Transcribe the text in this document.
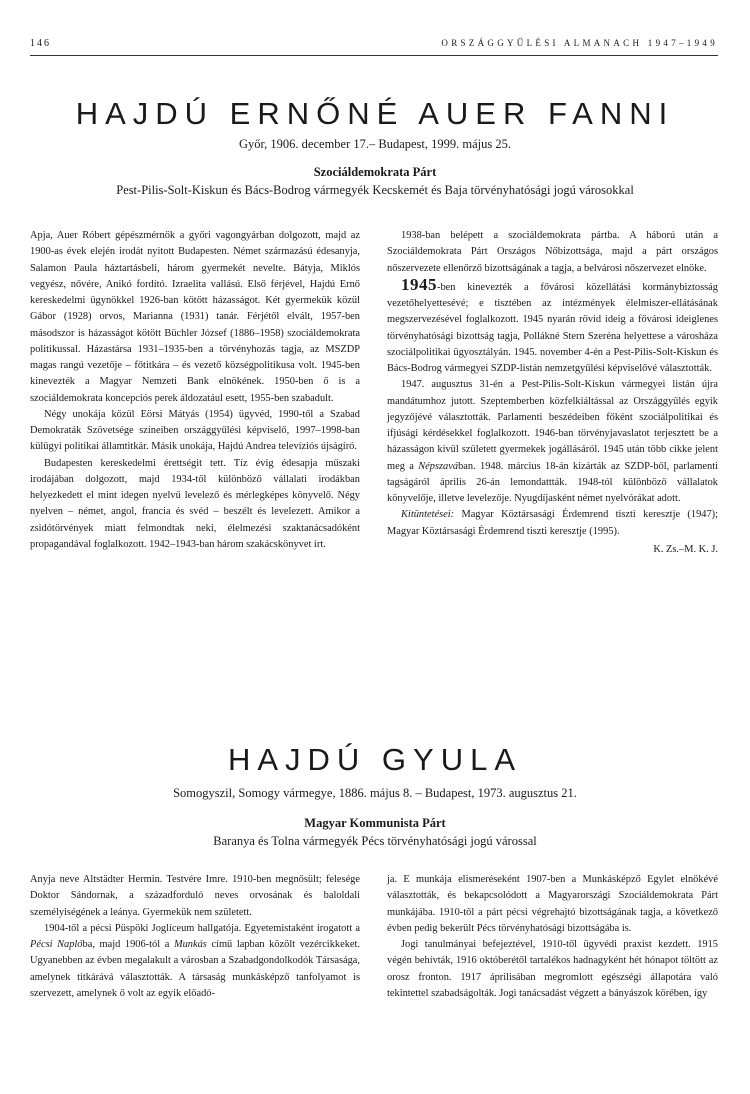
146	ORSZÁGGYŰLÉSI ALMANACH 1947–1949
HAJDÚ ERNŐNÉ AUER FANNI
Győr, 1906. december 17.– Budapest, 1999. május 25.
Szociáldemokrata Párt
Pest-Pilis-Solt-Kiskun és Bács-Bodrog vármegyék Kecskemét és Baja törvényhatósági jogú városokkal

Apja, Auer Róbert gépészmérnök a győri vagongyárban dolgozott, majd az 1900-as évek elején irodát nyitott Budapesten. Német származású édesanyja, Salamon Paula háztartásbeli, három gyermekét nevelte. Bátyja, Miklós vegyész, nővére, Anikó fordító. Izraelita vallású. Első férjével, Hajdú Ernő kereskedelmi ügynökkel 1926-ban kötött házasságot. Két gyermekük közül Gábor (1928) orvos, Marianna (1931) tanár. Férjétől elvált, 1957-ben másodszor is házasságot kötött Büchler József (1886–1958) szociáldemokrata politikussal. Házastársa 1931–1935-ben a törvényhozás tagja, az MSZDP magas rangú vezetője – főtitkára – és vezető községpolitikusa volt. 1945-ben kinevezték a Magyar Nemzeti Bank elnökének. 1950-ben ő is a szociáldemokrata koncepciós perek áldozatául esett, 1955-ben szabadult.

Négy unokája közül Eörsi Mátyás (1954) ügyvéd, 1990-től a Szabad Demokraták Szövetsége színeiben országgyűlési képviselő, 1997–1998-ban külügyi politikai államtitkár. Másik unokája, Hajdú Andrea televíziós újságíró.

Budapesten kereskedelmi érettségit tett. Tíz évig édesapja műszaki irodájában dolgozott, majd 1934-től különböző vállalati irodákban helyezkedett el mint idegen nyelvű levelező és mérlegképes könyvelő. Négy nyelven – német, angol, francia és svéd – beszélt és levelezett. Amikor a zsidótörvények miatt felmondtak neki, élelmezési szaktanácsadóként propagandával foglalkozott. 1942–1943-ban három szakácskönyvet írt.

1938-ban belépett a szociáldemokrata pártba. A háború után a Szociáldemokrata Párt Országos Nőbizottsága, majd a párt országos nőszervezete ellenőrző bizottságának a tagja, a belvárosi nőszervezet elnöke.

1945-ben kinevezték a fővárosi közellátási kormánybiztosság vezetőhelyettesévé; e tisztében az intézmények élelmiszer-ellátásának megszervezésével foglalkozott. 1945 nyarán rövid ideig a fővárosi ideiglenes törvényhatósági bizottság tagja, Pollákné Stern Szeréna helyettese a városháza szociálpolitikai ügyosztályán. 1945. november 4-én a Pest-Pilis-Solt-Kiskun és Bács-Bodrog vármegyei SZDP-listán nemzetgyűlési képviselővé választották.

1947. augusztus 31-én a Pest-Pilis-Solt-Kiskun vármegyei listán újra mandátumhoz jutott. Szeptemberben közfelkiáltással az Országgyűlés egyik jegyzőjévé választották. Parlamenti beszédeiben főként szociálpolitikai és ifjúsági kérdésekkel foglalkozott. 1946-ban törvényjavaslatot terjesztett be a házasságon kívül született gyermekek jogállásáról. 1945 után több cikke jelent meg a Népszavában. 1948. március 18-án kizárták az SZDP-ből, parlamenti tagságáról április 26-án lemondattták. 1948-tól különböző vállalatok könyvelője, illetve levelezője. Nyugdíjasként német nyelvórákat adott.

Kitüntetései: Magyar Köztársasági Érdemrend tiszti keresztje (1947); Magyar Köztársasági Érdemrend tiszti keresztje (1995).

K. Zs.–M. K. J.

HAJDÚ GYULA
Somogyszil, Somogy vármegye, 1886. május 8. – Budapest, 1973. augusztus 21.
Magyar Kommunista Párt
Baranya és Tolna vármegyék Pécs törvényhatósági jogú várossal

Anyja neve Altstädter Hermin. Testvére Imre. 1910-ben megnősült; felesége Doktor Sándornak, a századforduló neves orvosának és baloldali személyiségének a leánya. Gyermekük nem született.

1904-től a pécsi Püspöki Joglíceum hallgatója. Egyetemistaként irogatott a Pécsi Naplóba, majd 1906-tól a Munkás című lapban közölt vezércikkeket. Ugyanebben az évben megalakult a városban a Szabadgondolkodók Társasága, amelynek titkárává választották. A társaság munkásképző tanfolyamot is szervezett, amelynek ő volt az egyik előadó-

ja. E munkája elismeréseként 1907-ben a Munkásképző Egylet elnökévé választották, és bekapcsolódott a Magyarországi Szociáldemokrata Párt munkájába. 1910-től a párt pécsi végrehajtó bizottságának tagja, a következő évben pedig bekerült Pécs törvényhatósági bizottságába is.

Jogi tanulmányai befejeztével, 1910-től ügyvédi praxist kezdett. 1915 végén behívták, 1916 októberétől tartalékos hadnagyként hét hónapot töltött az orosz fronton. 1917 áprilisában megromlott egészségi állapotára való tekintettel szabadságolták. Jogi tanácsadást végzett a bányászok körében, így
